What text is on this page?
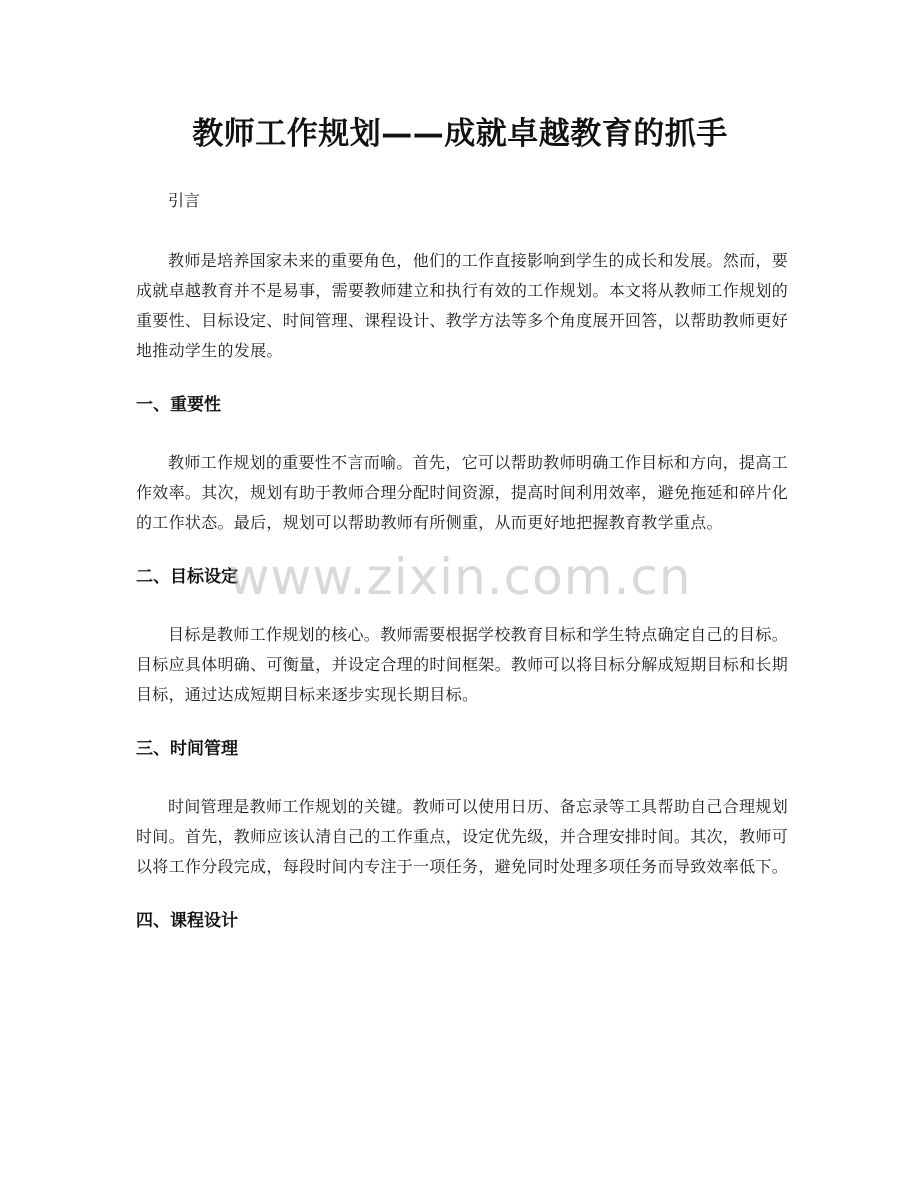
教师工作规划——成就卓越教育的抓手
引言

教师是培养国家未来的重要角色，他们的工作直接影响到学生的成长和发展。然而，要成就卓越教育并不是易事，需要教师建立和执行有效的工作规划。本文将从教师工作规划的重要性、目标设定、时间管理、课程设计、教学方法等多个角度展开回答，以帮助教师更好地推动学生的发展。

一、重要性

教师工作规划的重要性不言而喻。首先，它可以帮助教师明确工作目标和方向，提高工作效率。其次，规划有助于教师合理分配时间资源，提高时间利用效率，避免拖延和碎片化的工作状态。最后，规划可以帮助教师有所侧重，从而更好地把握教育教学重点。

二、目标设定

目标是教师工作规划的核心。教师需要根据学校教育目标和学生特点确定自己的目标。目标应具体明确、可衡量，并设定合理的时间框架。教师可以将目标分解成短期目标和长期目标，通过达成短期目标来逐步实现长期目标。

三、时间管理

时间管理是教师工作规划的关键。教师可以使用日历、备忘录等工具帮助自己合理规划时间。首先，教师应该认清自己的工作重点，设定优先级，并合理安排时间。其次，教师可以将工作分段完成，每段时间内专注于一项任务，避免同时处理多项任务而导致效率低下。

四、课程设计
www.zixin.com.cn
